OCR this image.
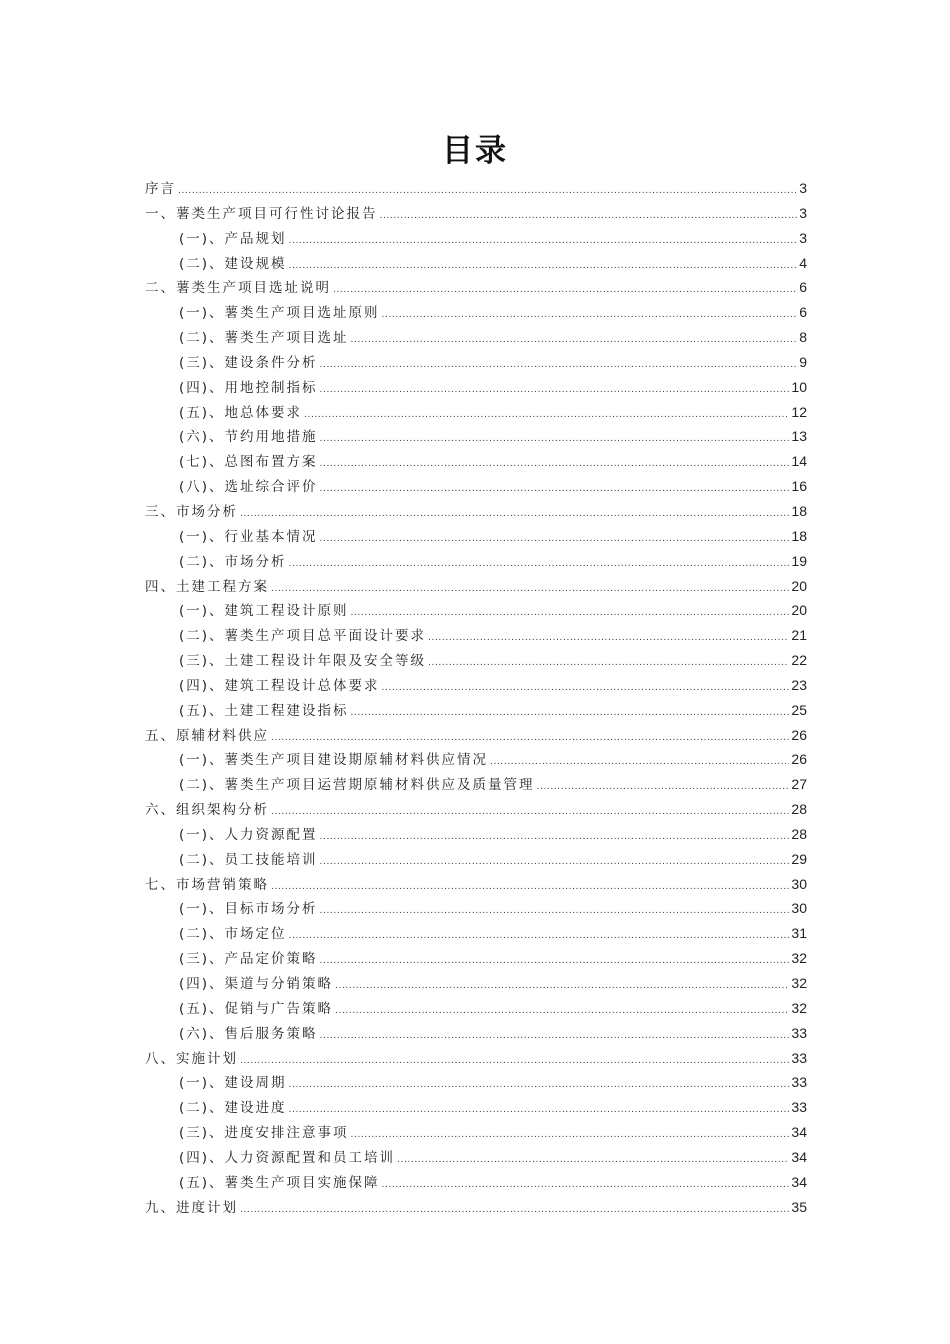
目录
序言 .....	3
一、薯类生产项目可行性讨论报告 .....	3
(一)、产品规划 .....	3
(二)、建设规模 .....	4
二、薯类生产项目选址说明 .....	6
(一)、薯类生产项目选址原则 .....	6
(二)、薯类生产项目选址 .....	8
(三)、建设条件分析 .....	9
(四)、用地控制指标 .....	10
(五)、地总体要求 .....	12
(六)、节约用地措施 .....	13
(七)、总图布置方案 .....	14
(八)、选址综合评价 .....	16
三、市场分析 .....	18
(一)、行业基本情况 .....	18
(二)、市场分析 .....	19
四、土建工程方案 .....	20
(一)、建筑工程设计原则 .....	20
(二)、薯类生产项目总平面设计要求 .....	21
(三)、土建工程设计年限及安全等级 .....	22
(四)、建筑工程设计总体要求 .....	23
(五)、土建工程建设指标 .....	25
五、原辅材料供应 .....	26
(一)、薯类生产项目建设期原辅材料供应情况 .....	26
(二)、薯类生产项目运营期原辅材料供应及质量管理 .....	27
六、组织架构分析 .....	28
(一)、人力资源配置 .....	28
(二)、员工技能培训 .....	29
七、市场营销策略 .....	30
(一)、目标市场分析 .....	30
(二)、市场定位 .....	31
(三)、产品定价策略 .....	32
(四)、渠道与分销策略 .....	32
(五)、促销与广告策略 .....	32
(六)、售后服务策略 .....	33
八、实施计划 .....	33
(一)、建设周期 .....	33
(二)、建设进度 .....	33
(三)、进度安排注意事项 .....	34
(四)、人力资源配置和员工培训 .....	34
(五)、薯类生产项目实施保障 .....	34
九、进度计划 .....	35
